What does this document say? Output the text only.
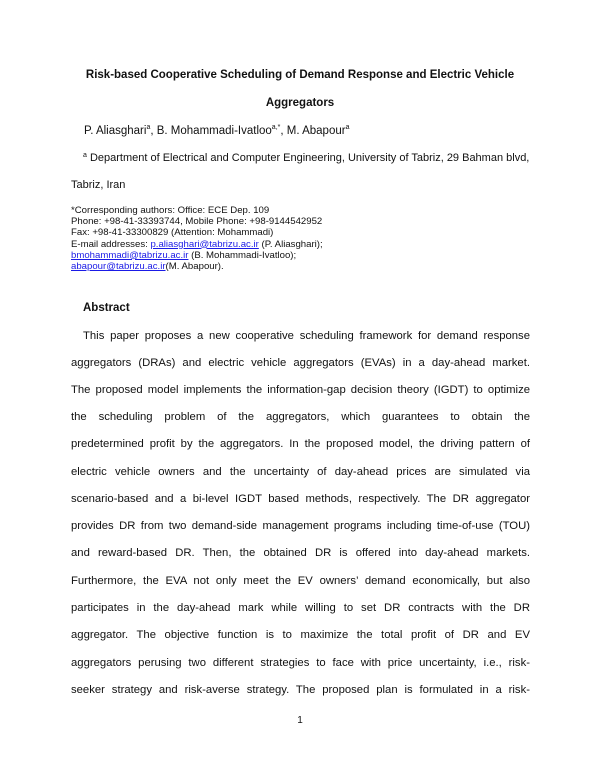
Risk-based Cooperative Scheduling of Demand Response and Electric Vehicle
Aggregators
P. Aliasghari$^a$, B. Mohammadi-Ivatloo$^{a,*}$, M. Abapour$^a$
$^a$ Department of Electrical and Computer Engineering, University of Tabriz, 29 Bahman blvd,
Tabriz, Iran
*Corresponding authors: Office: ECE Dep. 109
Phone: +98-41-33393744, Mobile Phone: +98-9144542952
Fax: +98-41-33300829 (Attention: Mohammadi)
E-mail addresses: p.aliasghari@tabrizu.ac.ir (P. Aliasghari);
bmohammadi@tabrizu.ac.ir (B. Mohammadi-Ivatloo);
abapour@tabrizu.ac.ir(M. Abapour).
Abstract
This paper proposes a new cooperative scheduling framework for demand response
aggregators (DRAs) and electric vehicle aggregators (EVAs) in a day-ahead market.
The proposed model implements the information-gap decision theory (IGDT) to optimize
the scheduling problem of the aggregators, which guarantees to obtain the
predetermined profit by the aggregators. In the proposed model, the driving pattern of
electric vehicle owners and the uncertainty of day-ahead prices are simulated via
scenario-based and a bi-level IGDT based methods, respectively. The DR aggregator
provides DR from two demand-side management programs including time-of-use (TOU)
and reward-based DR. Then, the obtained DR is offered into day-ahead markets.
Furthermore, the EVA not only meet the EV owners’ demand economically, but also
participates in the day-ahead mark while willing to set DR contracts with the DR
aggregator. The objective function is to maximize the total profit of DR and EV
aggregators perusing two different strategies to face with price uncertainty, i.e., risk-
seeker strategy and risk-averse strategy. The proposed plan is formulated in a risk-
1
